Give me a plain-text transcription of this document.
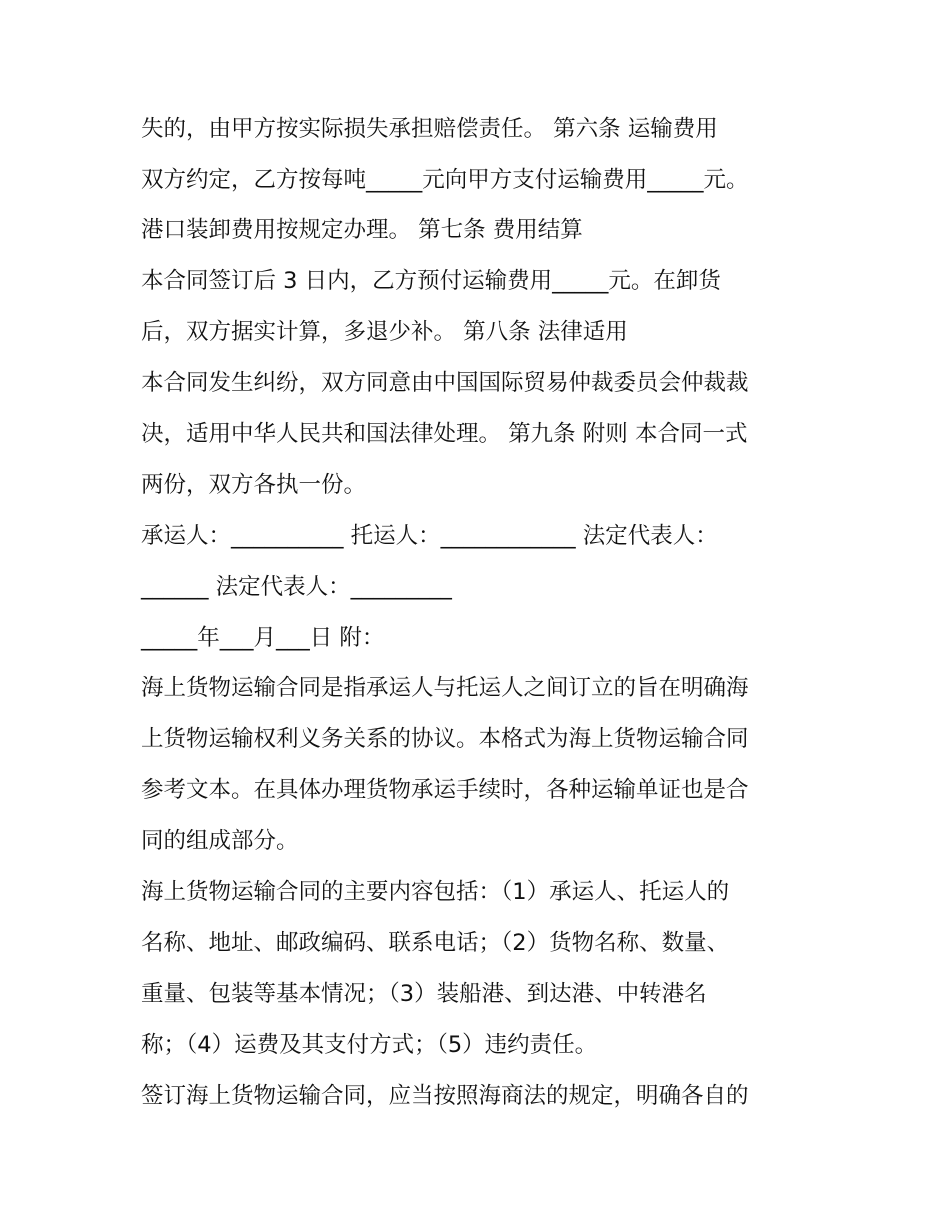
失的，由甲方按实际损失承担赔偿责任。 第六条 运输费用
双方约定，乙方按每吨_____元向甲方支付运输费用_____元。
港口装卸费用按规定办理。 第七条 费用结算
本合同签订后 3 日内，乙方预付运输费用_____元。在卸货
后，双方据实计算，多退少补。 第八条 法律适用
本合同发生纠纷，双方同意由中国国际贸易仲裁委员会仲裁裁
决，适用中华人民共和国法律处理。 第九条 附则 本合同一式
两份，双方各执一份。
承运人：__________ 托运人：____________ 法定代表人：
______ 法定代表人：_________
_____年___月___日 附：
海上货物运输合同是指承运人与托运人之间订立的旨在明确海
上货物运输权利义务关系的协议。本格式为海上货物运输合同
参考文本。在具体办理货物承运手续时，各种运输单证也是合
同的组成部分。
海上货物运输合同的主要内容包括：（1）承运人、托运人的
名称、地址、邮政编码、联系电话；（2）货物名称、数量、
重量、包装等基本情况；（3）装船港、到达港、中转港名
称；（4）运费及其支付方式；（5）违约责任。
签订海上货物运输合同，应当按照海商法的规定，明确各自的
